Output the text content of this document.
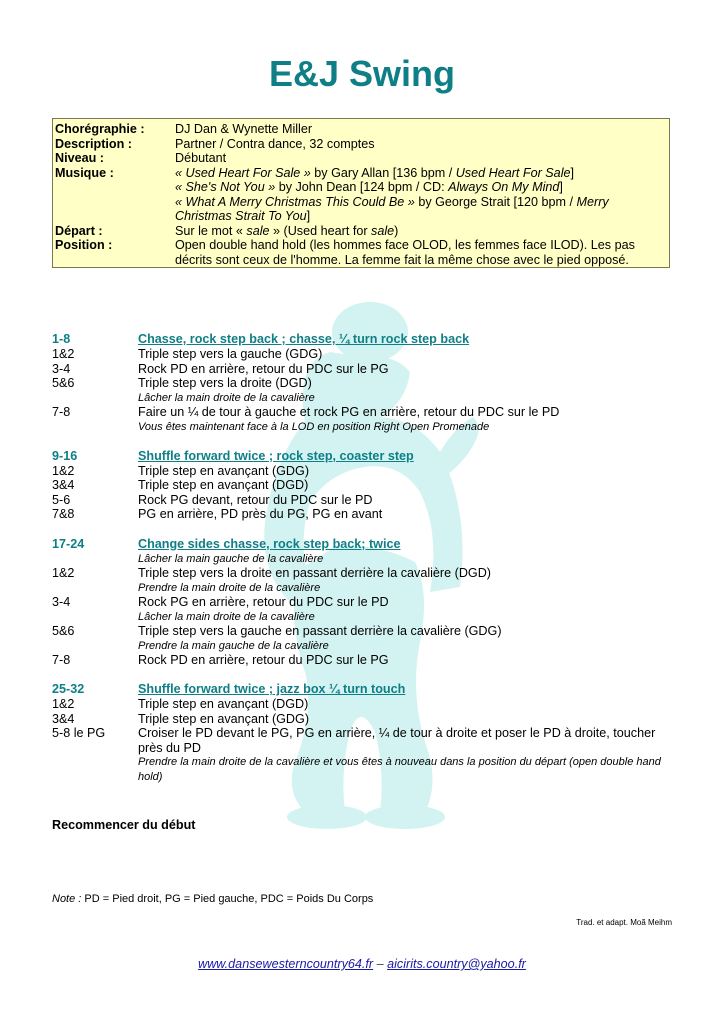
E&J Swing
Chorégraphie :	DJ Dan & Wynette Miller
Description :	Partner / Contra dance, 32 comptes
Niveau :	Débutant
Musique :	« Used Heart For Sale » by Gary Allan [136 bpm / Used Heart For Sale]
« She's Not You » by John Dean [124 bpm / CD: Always On My Mind]
« What A Merry Christmas This Could Be » by George Strait [120 bpm / Merry Christmas Strait To You]
Départ :	Sur le mot « sale » (Used heart for sale)
Position :	Open double hand hold (les hommes face OLOD, les femmes face ILOD). Les pas décrits sont ceux de l'homme. La femme fait la même chose avec le pied opposé.
1-8	Chasse, rock step back ; chasse, ¼ turn rock step back
1&2	Triple step vers la gauche (GDG)
3-4	Rock PD en arrière, retour du PDC sur le PG
5&6	Triple step vers la droite (DGD)
Lâcher la main droite de la cavalière
7-8	Faire un ¼ de tour à gauche et rock PG en arrière, retour du PDC sur le PD
Vous êtes maintenant face à la LOD en position Right Open Promenade
9-16	Shuffle forward twice ; rock step, coaster step
1&2	Triple step en avançant (GDG)
3&4	Triple step en avançant (DGD)
5-6	Rock PG devant, retour du PDC sur le PD
7&8	PG en arrière, PD près du PG, PG en avant
17-24	Change sides chasse, rock step back; twice
Lâcher la main gauche de la cavalière
1&2	Triple step vers la droite en passant derrière la cavalière (DGD)
Prendre la main droite de la cavalière
3-4	Rock PG en arrière, retour du PDC sur le PD
Lâcher la main droite de la cavalière
5&6	Triple step vers la gauche en passant derrière la cavalière (GDG)
Prendre la main gauche de la cavalière
7-8	Rock PD en arrière, retour du PDC sur le PG
25-32	Shuffle forward twice ; jazz box ¼ turn touch
1&2	Triple step en avançant (DGD)
3&4	Triple step en avançant (GDG)
5-8 le PG	Croiser le PD devant le PG, PG en arrière, ¼ de tour à droite et poser le PD à droite, toucher près du PD
Prendre la main droite de la cavalière et vous êtes à nouveau dans la position du départ (open double hand hold)
Recommencer du début
Note : PD = Pied droit, PG = Pied gauche, PDC = Poids Du Corps
Trad. et adapt. Moã Meihm
www.dansewesterncountry64.fr – aicirits.country@yahoo.fr
